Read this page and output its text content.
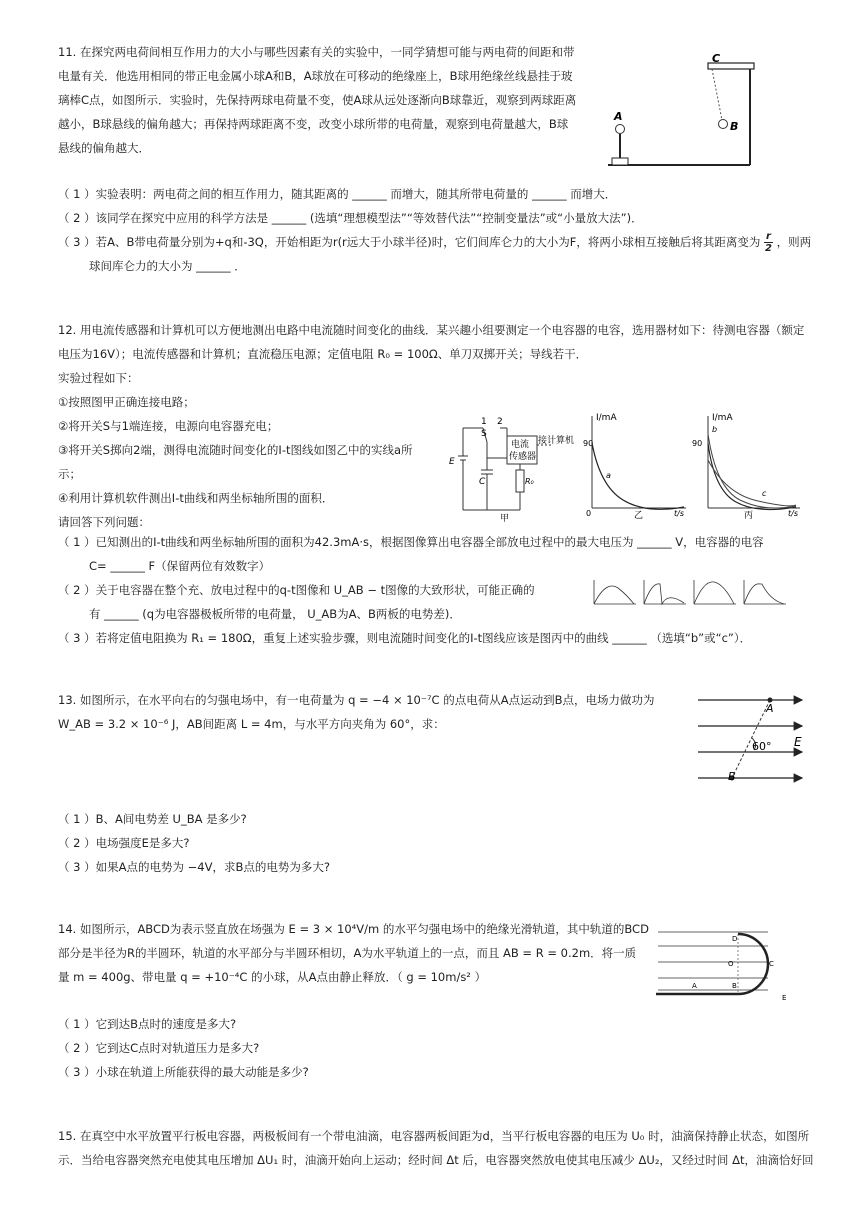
11. 在探究两电荷间相互作用力的大小与哪些因素有关的实验中，一同学猜想可能与两电荷的间距和带
电量有关．他选用相同的带正电金属小球A和B，A球放在可移动的绝缘座上，B球用绝缘丝线悬挂于玻
璃棒C点，如图所示．实验时，先保持两球电荷量不变，使A球从远处逐渐向B球靠近，观察到两球距离
越小，B球悬线的偏角越大；再保持两球距离不变，改变小球所带的电荷量，观察到电荷量越大，B球
悬线的偏角越大．
C
B
A
（ 1 ）实验表明：两电荷之间的相互作用力，随其距离的 ______ 而增大，随其所带电荷量的 ______ 而增大．
（ 2 ）该同学在探究中应用的科学方法是 ______ (选填“理想模型法”“等效替代法”“控制变量法”或“小量放大法”)．
（ 3 ）若A、B带电荷量分别为+q和-3Q，开始相距为r(r远大于小球半径)时，它们间库仑力的大小为F，将两小球相互接触后将其距离变为 $\frac{r}{2}$ ，则两
球间库仑力的大小为 ______ ．
12. 用电流传感器和计算机可以方便地测出电路中电流随时间变化的曲线．某兴趣小组要测定一个电容器的电容，选用器材如下：待测电容器（额定
电压为16V）；电流传感器和计算机；直流稳压电源；定值电阻 R₀ = 100Ω、单刀双掷开关；导线若干．
实验过程如下：
①按照图甲正确连接电路；
②将开关S与1端连接，电源向电容器充电；
③将开关S掷向2端，测得电流随时间变化的I-t图线如图乙中的实线a所
示；
④利用计算机软件测出I-t曲线和两坐标轴所围的面积．
请回答下列问题：
1 2
S
E
C
电流
传感器
接计算机
R₀
甲
I/mA
90
0	t/s
a
乙
I/mA
90
t/s
b
c
丙
（ 1 ）已知测出的I-t曲线和两坐标轴所围的面积为42.3mA·s，根据图像算出电容器全部放电过程中的最大电压为 ______ V，电容器的电容
C= ______ F（保留两位有效数字）
（ 2 ）关于电容器在整个充、放电过程中的q-t图像和 U_AB − t图像的大致形状，可能正确的
有 ______ (q为电容器极板所带的电荷量， U_AB为A、B两板的电势差)．
（ 3 ）若将定值电阻换为 R₁ = 180Ω，重复上述实验步骤，则电流随时间变化的I-t图线应该是图丙中的曲线 ______ （选填“b”或“c”）．
13. 如图所示，在水平向右的匀强电场中，有一电荷量为 q = −4 × 10⁻⁷C 的点电荷从A点运动到B点，电场力做功为
W_AB = 3.2 × 10⁻⁶ J，AB间距离 L = 4m，与水平方向夹角为 60°，求：
A
B
60° E
（ 1 ）B、A间电势差 U_BA 是多少?
（ 2 ）电场强度E是多大?
（ 3 ）如果A点的电势为 −4V，求B点的电势为多大?
14. 如图所示，ABCD为表示竖直放在场强为 E = 3 × 10⁴V/m 的水平匀强电场中的绝缘光滑轨道，其中轨道的BCD
部分是半径为R的半圆环，轨道的水平部分与半圆环相切，A为水平轨道上的一点，而且 AB = R = 0.2m．将一质
量 m = 400g、带电量 q = +10⁻⁴C 的小球，从A点由静止释放．（ g = 10m/s² ）
D
C
O
B
A
E
（ 1 ）它到达B点时的速度是多大?
（ 2 ）它到达C点时对轨道压力是多大?
（ 3 ）小球在轨道上所能获得的最大动能是多少?
15. 在真空中水平放置平行板电容器，两极板间有一个带电油滴，电容器两板间距为d，当平行板电容器的电压为 U₀ 时，油滴保持静止状态，如图所
示．当给电容器突然充电使其电压增加 ΔU₁ 时，油滴开始向上运动；经时间 Δt 后，电容器突然放电使其电压减少 ΔU₂，又经过时间 Δt，油滴恰好回
